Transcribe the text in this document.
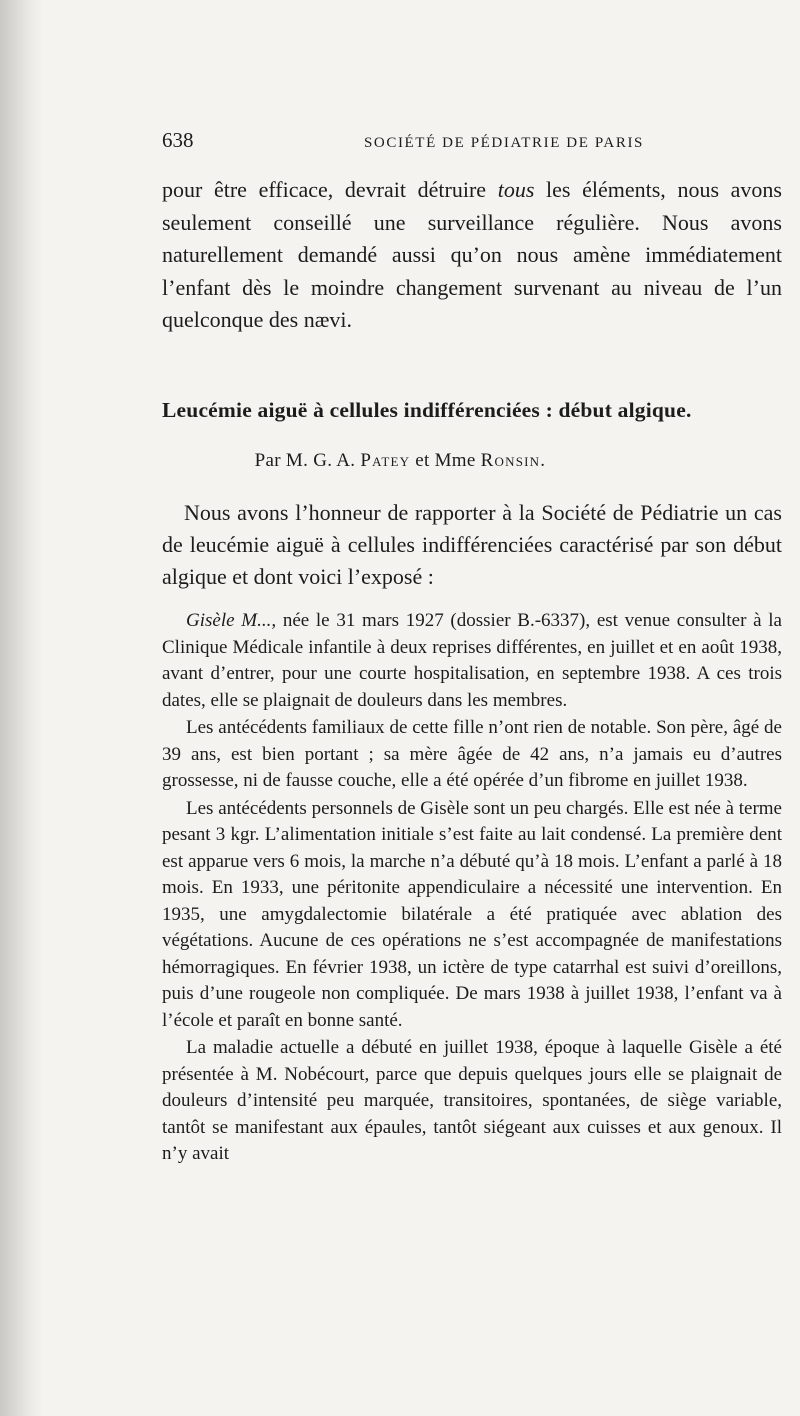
638	SOCIÉTÉ DE PÉDIATRIE DE PARIS

pour être efficace, devrait détruire tous les éléments, nous avons seulement conseillé une surveillance régulière. Nous avons naturellement demandé aussi qu’on nous amène immédiatement l’enfant dès le moindre changement survenant au niveau de l’un quelconque des nævi.

Leucémie aiguë à cellules indifférenciées : début algique.
Par M. G. A. Patey et Mme Ronsin.

Nous avons l’honneur de rapporter à la Société de Pédiatrie un cas de leucémie aiguë à cellules indifférenciées caractérisé par son début algique et dont voici l’exposé :

Gisèle M..., née le 31 mars 1927 (dossier B.-6337), est venue consulter à la Clinique Médicale infantile à deux reprises différentes, en juillet et en août 1938, avant d’entrer, pour une courte hospitalisation, en septembre 1938. A ces trois dates, elle se plaignait de douleurs dans les membres.

Les antécédents familiaux de cette fille n’ont rien de notable. Son père, âgé de 39 ans, est bien portant ; sa mère âgée de 42 ans, n’a jamais eu d’autres grossesse, ni de fausse couche, elle a été opérée d’un fibrome en juillet 1938.

Les antécédents personnels de Gisèle sont un peu chargés. Elle est née à terme pesant 3 kgr. L’alimentation initiale s’est faite au lait condensé. La première dent est apparue vers 6 mois, la marche n’a débuté qu’à 18 mois. L’enfant a parlé à 18 mois. En 1933, une péritonite appendiculaire a nécessité une intervention. En 1935, une amygdalectomie bilatérale a été pratiquée avec ablation des végétations. Aucune de ces opérations ne s’est accompagnée de manifestations hémorragiques. En février 1938, un ictère de type catarrhal est suivi d’oreillons, puis d’une rougeole non compliquée. De mars 1938 à juillet 1938, l’enfant va à l’école et paraît en bonne santé.

La maladie actuelle a débuté en juillet 1938, époque à laquelle Gisèle a été présentée à M. Nobécourt, parce que depuis quelques jours elle se plaignait de douleurs d’intensité peu marquée, transitoires, spontanées, de siège variable, tantôt se manifestant aux épaules, tantôt siégeant aux cuisses et aux genoux. Il n’y avait
